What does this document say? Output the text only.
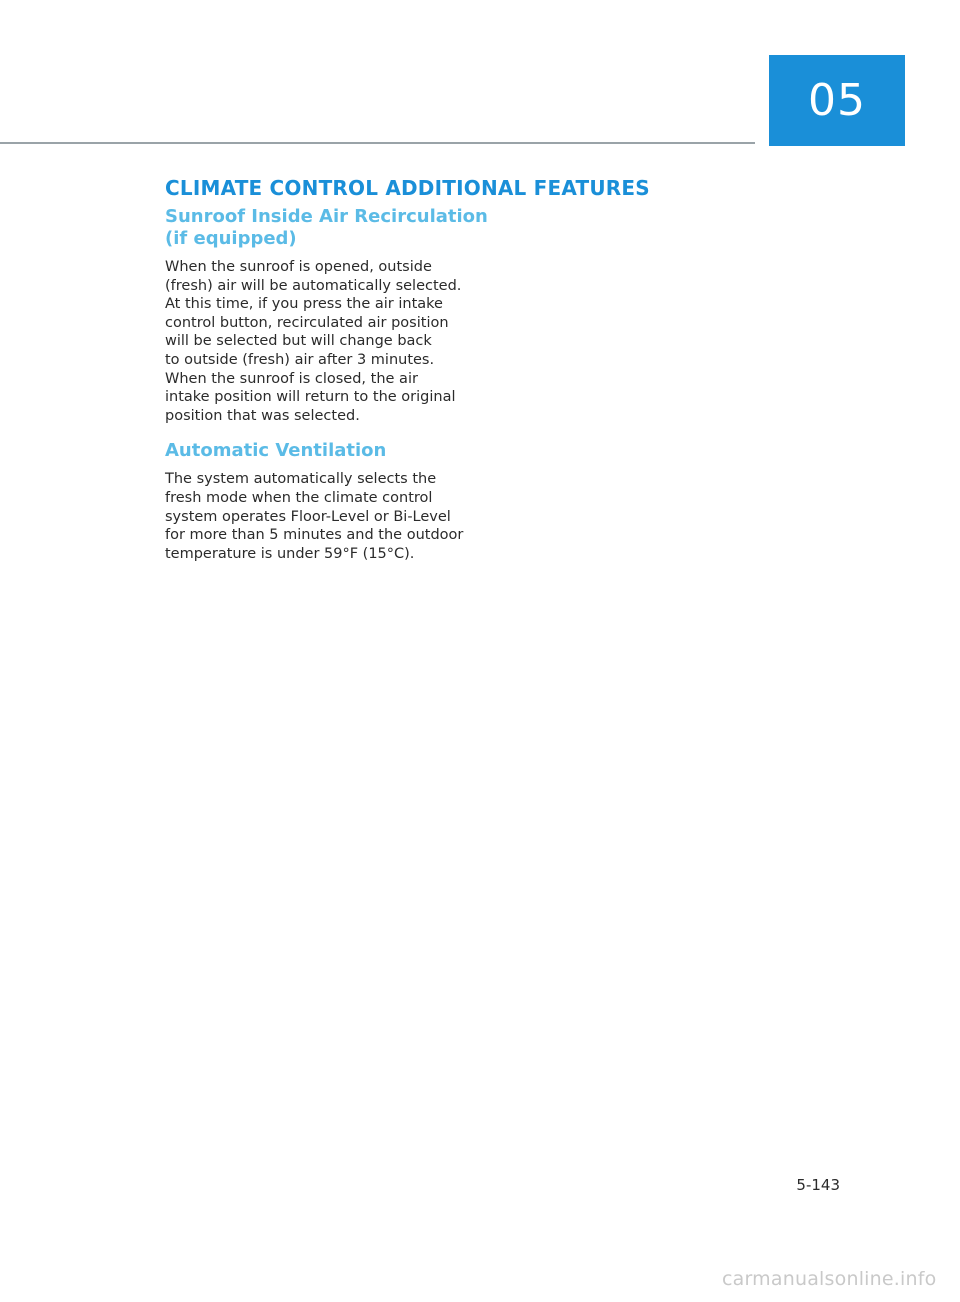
05
CLIMATE CONTROL ADDITIONAL FEATURES
Sunroof Inside Air Recirculation
(if equipped)

When the sunroof is opened, outside
(fresh) air will be automatically selected.
At this time, if you press the air intake
control button, recirculated air position
will be selected but will change back
to outside (fresh) air after 3 minutes.
When the sunroof is closed, the air
intake position will return to the original
position that was selected.

Automatic Ventilation

The system automatically selects the
fresh mode when the climate control
system operates Floor-Level or Bi-Level
for more than 5 minutes and the outdoor
temperature is under 59°F (15°C).

5-143
carmanualsonline.info
